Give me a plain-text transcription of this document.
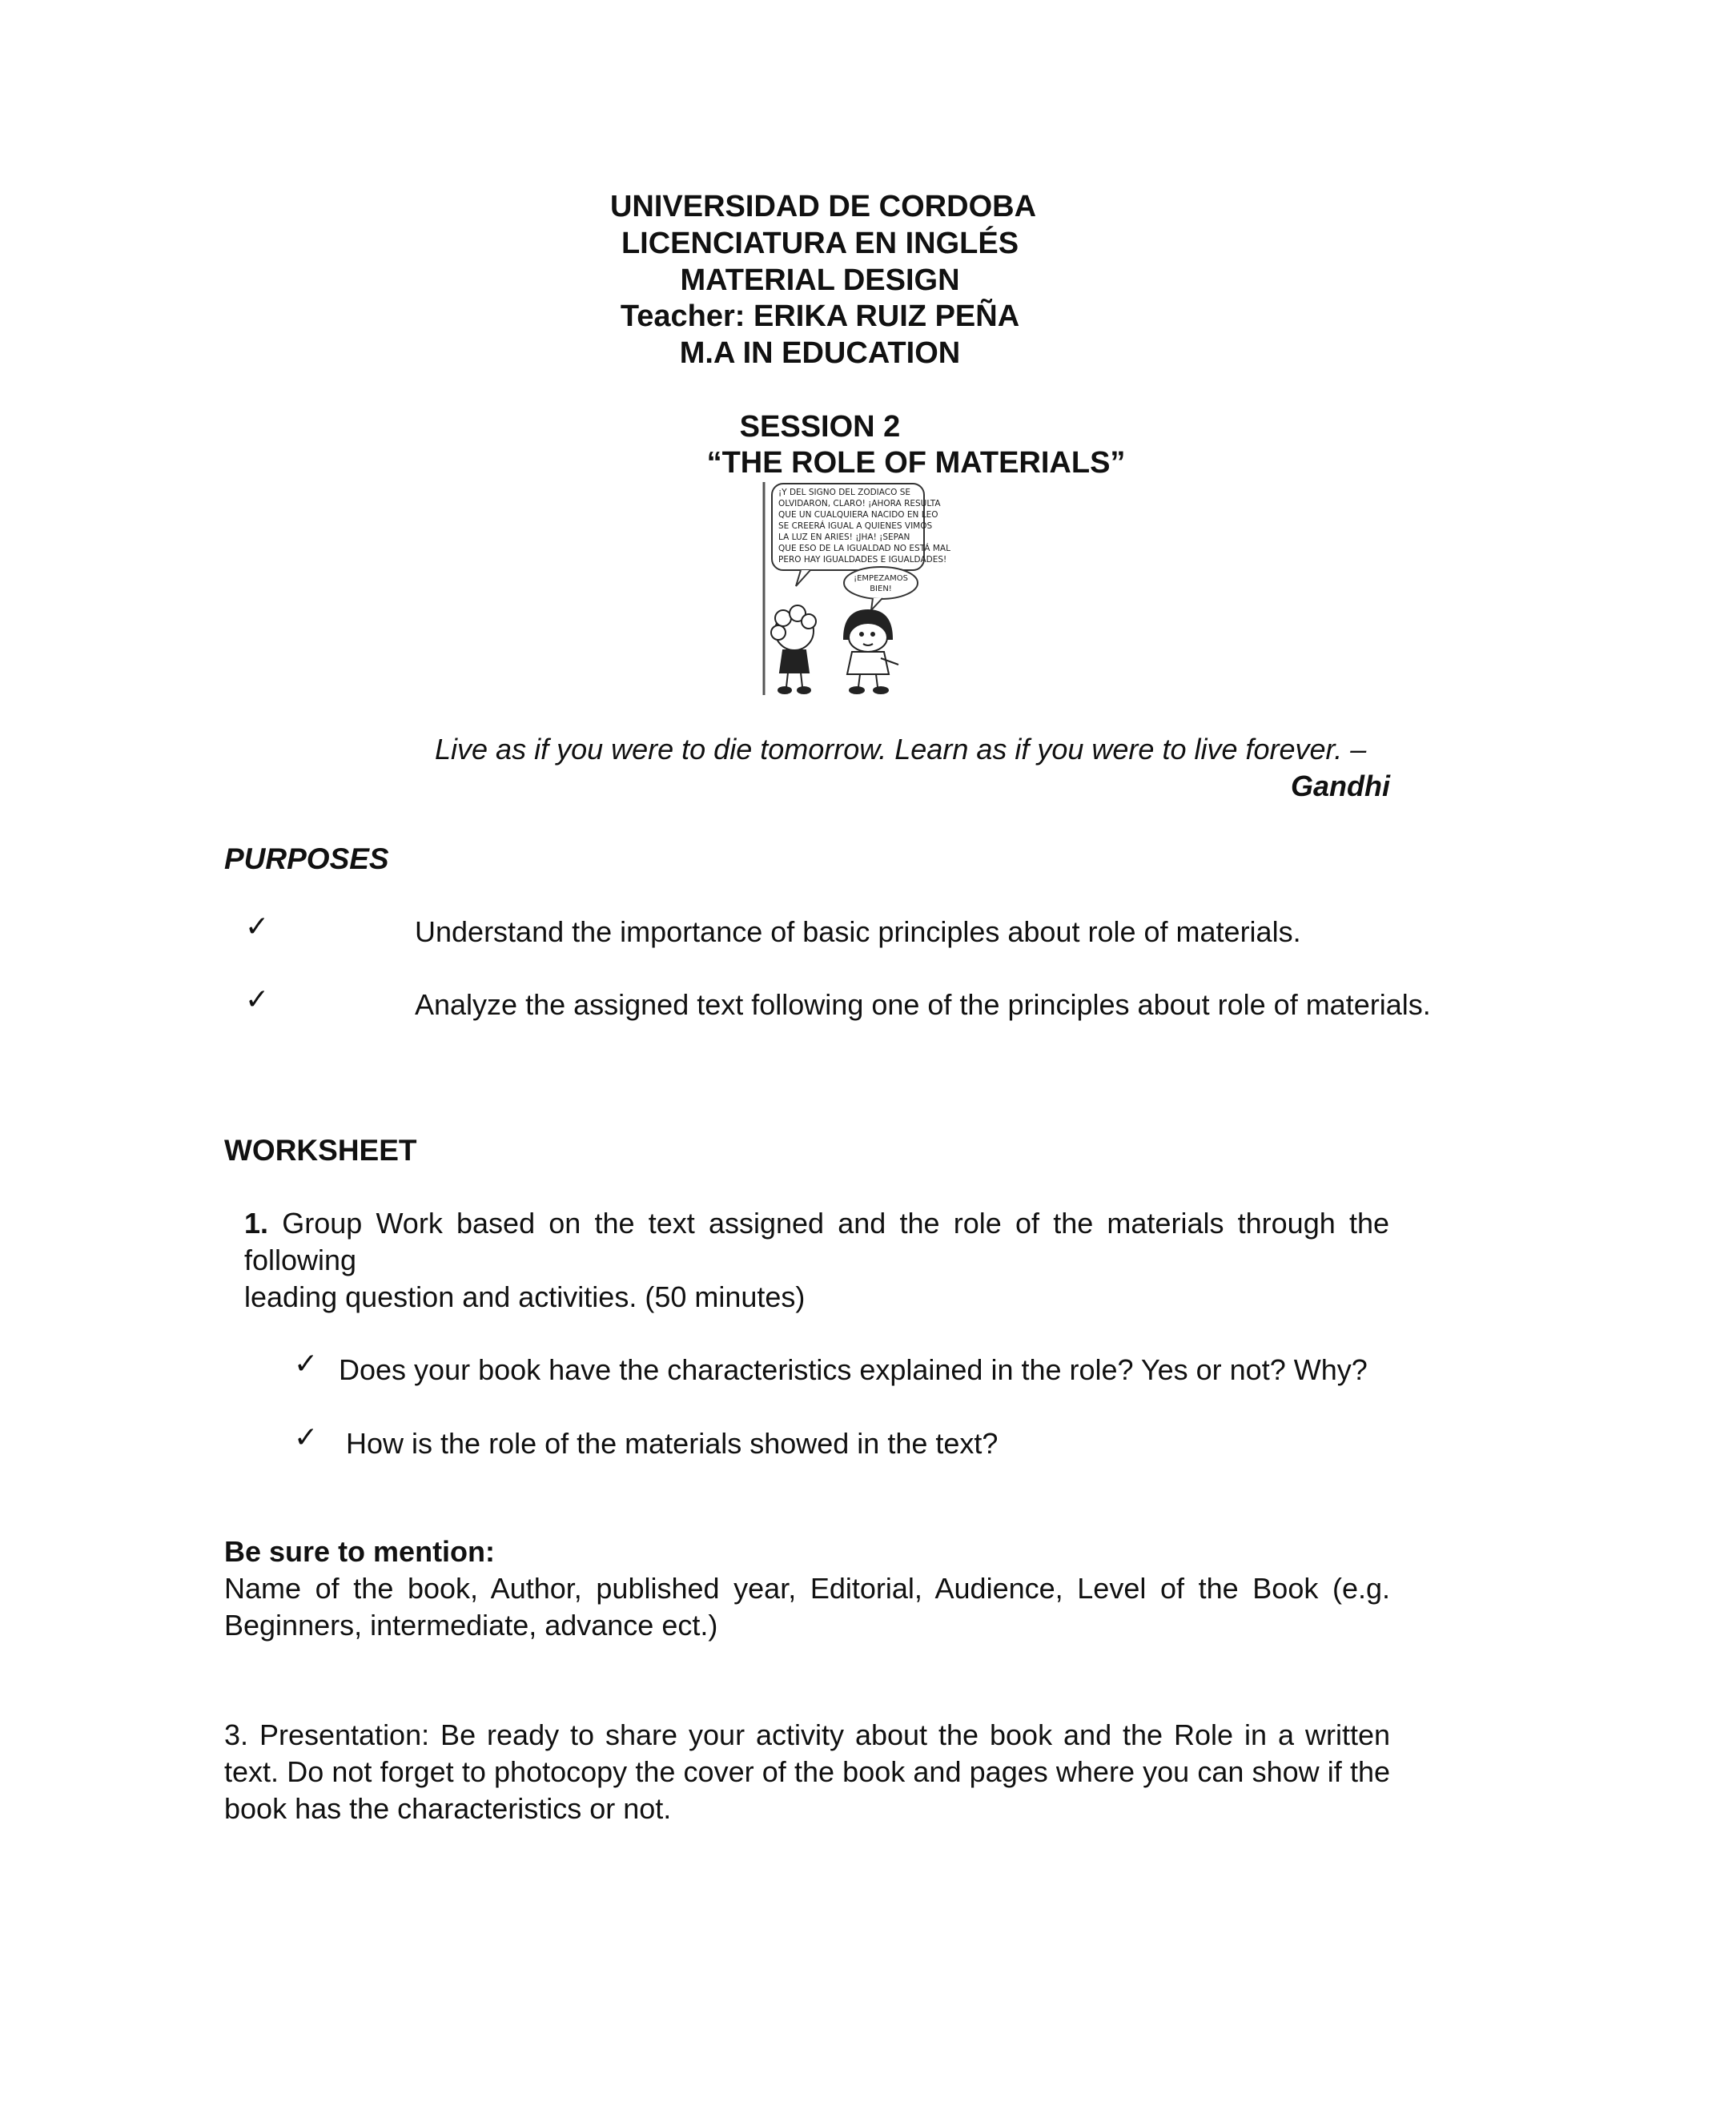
UNIVERSIDAD DE CORDOBA
LICENCIATURA EN INGLÉS
MATERIAL DESIGN
Teacher: ERIKA RUIZ PEÑA
M.A IN EDUCATION
SESSION 2
“THE ROLE OF MATERIALS”
¡Y DEL SIGNO DEL ZODIACO SE
OLVIDARON, CLARO! ¡AHORA RESULTA
QUE UN CUALQUIERA NACIDO EN LEO
SE CREERÁ IGUAL A QUIENES VIMOS
LA LUZ EN ARIES! ¡JHA! ¡SEPAN
QUE ESO DE LA IGUALDAD NO ESTÁ MAL
PERO HAY IGUALDADES E IGUALDADES!
¡EMPEZAMOS
BIEN!
Live as if you were to die tomorrow. Learn as if you were to live forever. –
Gandhi
PURPOSES
✓	Understand the importance of basic principles about role of materials.
✓	Analyze the assigned text following one of the principles about role of materials.
WORKSHEET
1. Group Work based on the text assigned and the role of the materials through the following
leading question and activities. (50 minutes)
✓ Does your book have the characteristics explained in the role? Yes or not? Why?
✓ How is the role of the materials showed in the text?
Be sure to mention:
Name of the book, Author, published year, Editorial, Audience, Level of the Book (e.g. Beginners, intermediate, advance ect.)
3. Presentation: Be ready to share your activity about the book and the Role in a written text. Do not forget to photocopy the cover of the book and pages where you can show if the book has the characteristics or not.
